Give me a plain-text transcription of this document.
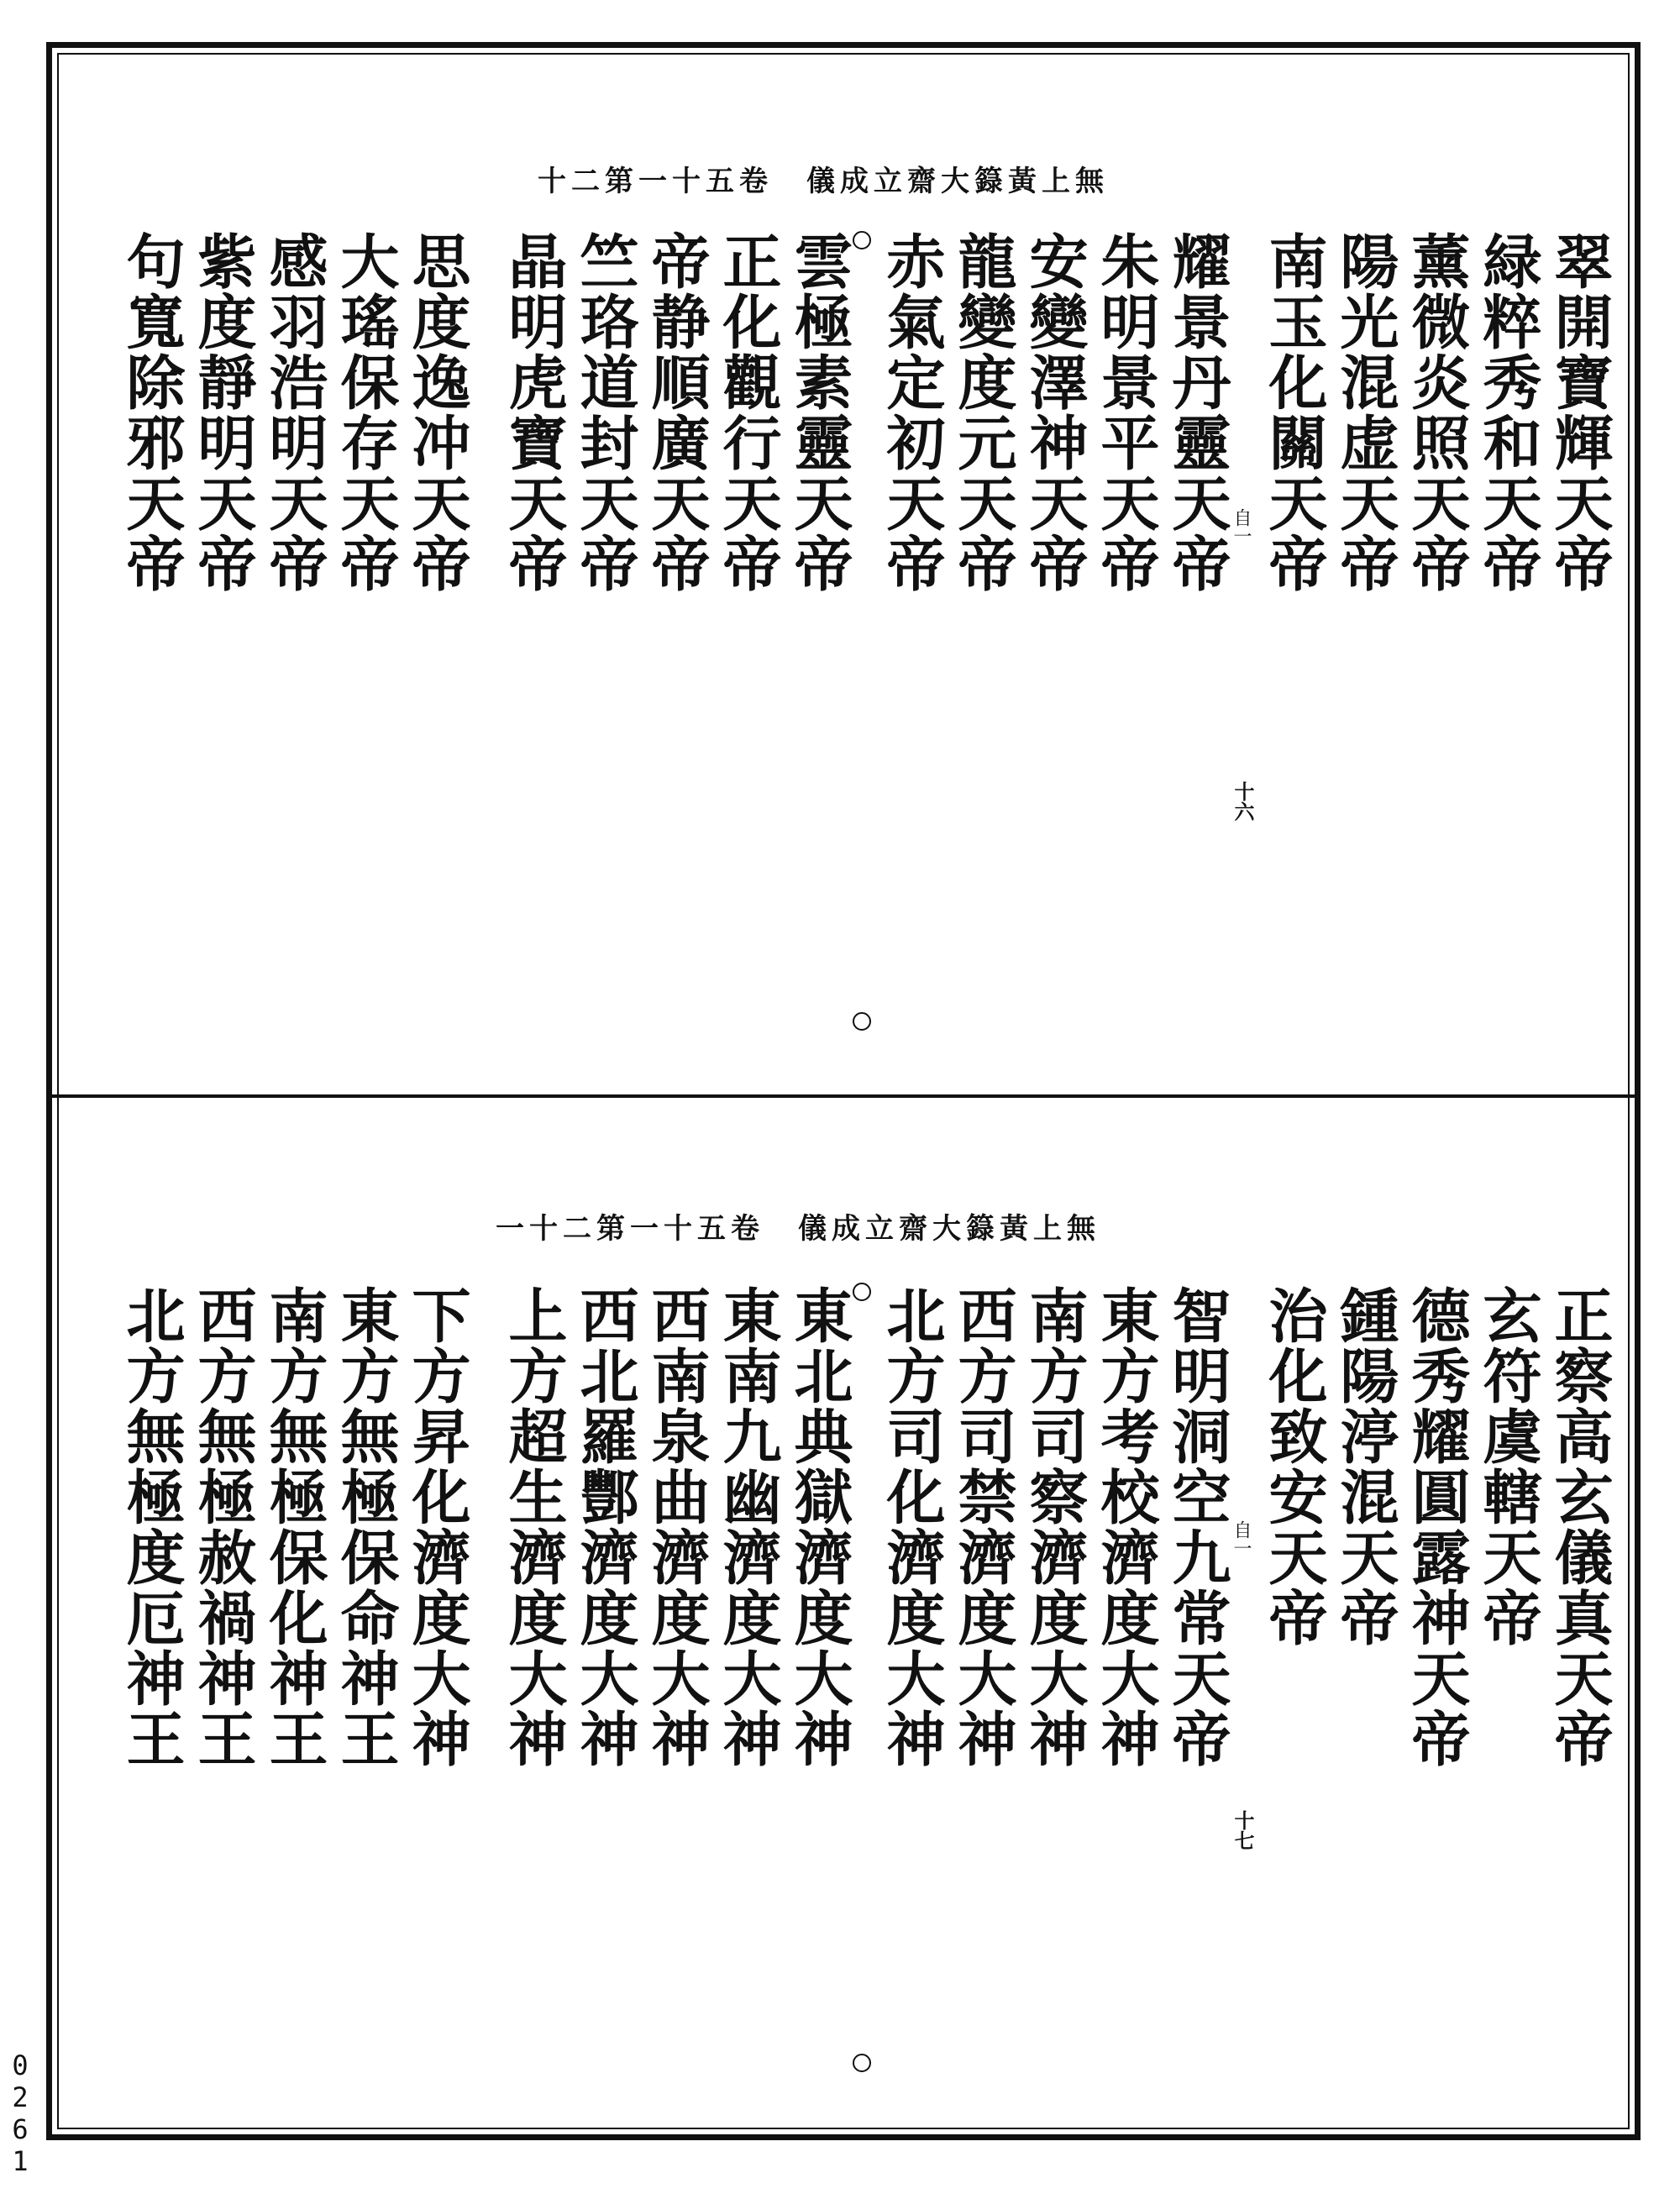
無上黃籙大齋立成儀　卷五十一第二十
翠開寶輝天帝
緑粹秀和天帝
薰微炎照天帝
陽光混虚天帝
南玉化關天帝
耀景丹靈天帝
朱明景平天帝
安變澤神天帝
龍變度元天帝
赤氣定初天帝
雲極素靈天帝
正化觀行天帝
帝静順廣天帝
竺珞道封天帝
晶明虎寶天帝
思度逸冲天帝
大瑤保存天帝
感羽浩明天帝
紫度靜明天帝
句寬除邪天帝	自一
十六
無上黃籙大齋立成儀　卷五十一第二十一
正察高玄儀真天帝
玄符虞轄天帝
德秀耀圓露神天帝
鍾陽渟混天帝
治化致安天帝
智明洞空九常天帝
東方考校濟度大神
南方司察濟度大神
西方司禁濟度大神
北方司化濟度大神
東北典獄濟度大神
東南九幽濟度大神
西南泉曲濟度大神
西北羅酆濟度大神
上方超生濟度大神
下方昇化濟度大神
東方無極保命神王
南方無極保化神王
西方無極赦禍神王
北方無極度厄神王	自一
十七
0261
